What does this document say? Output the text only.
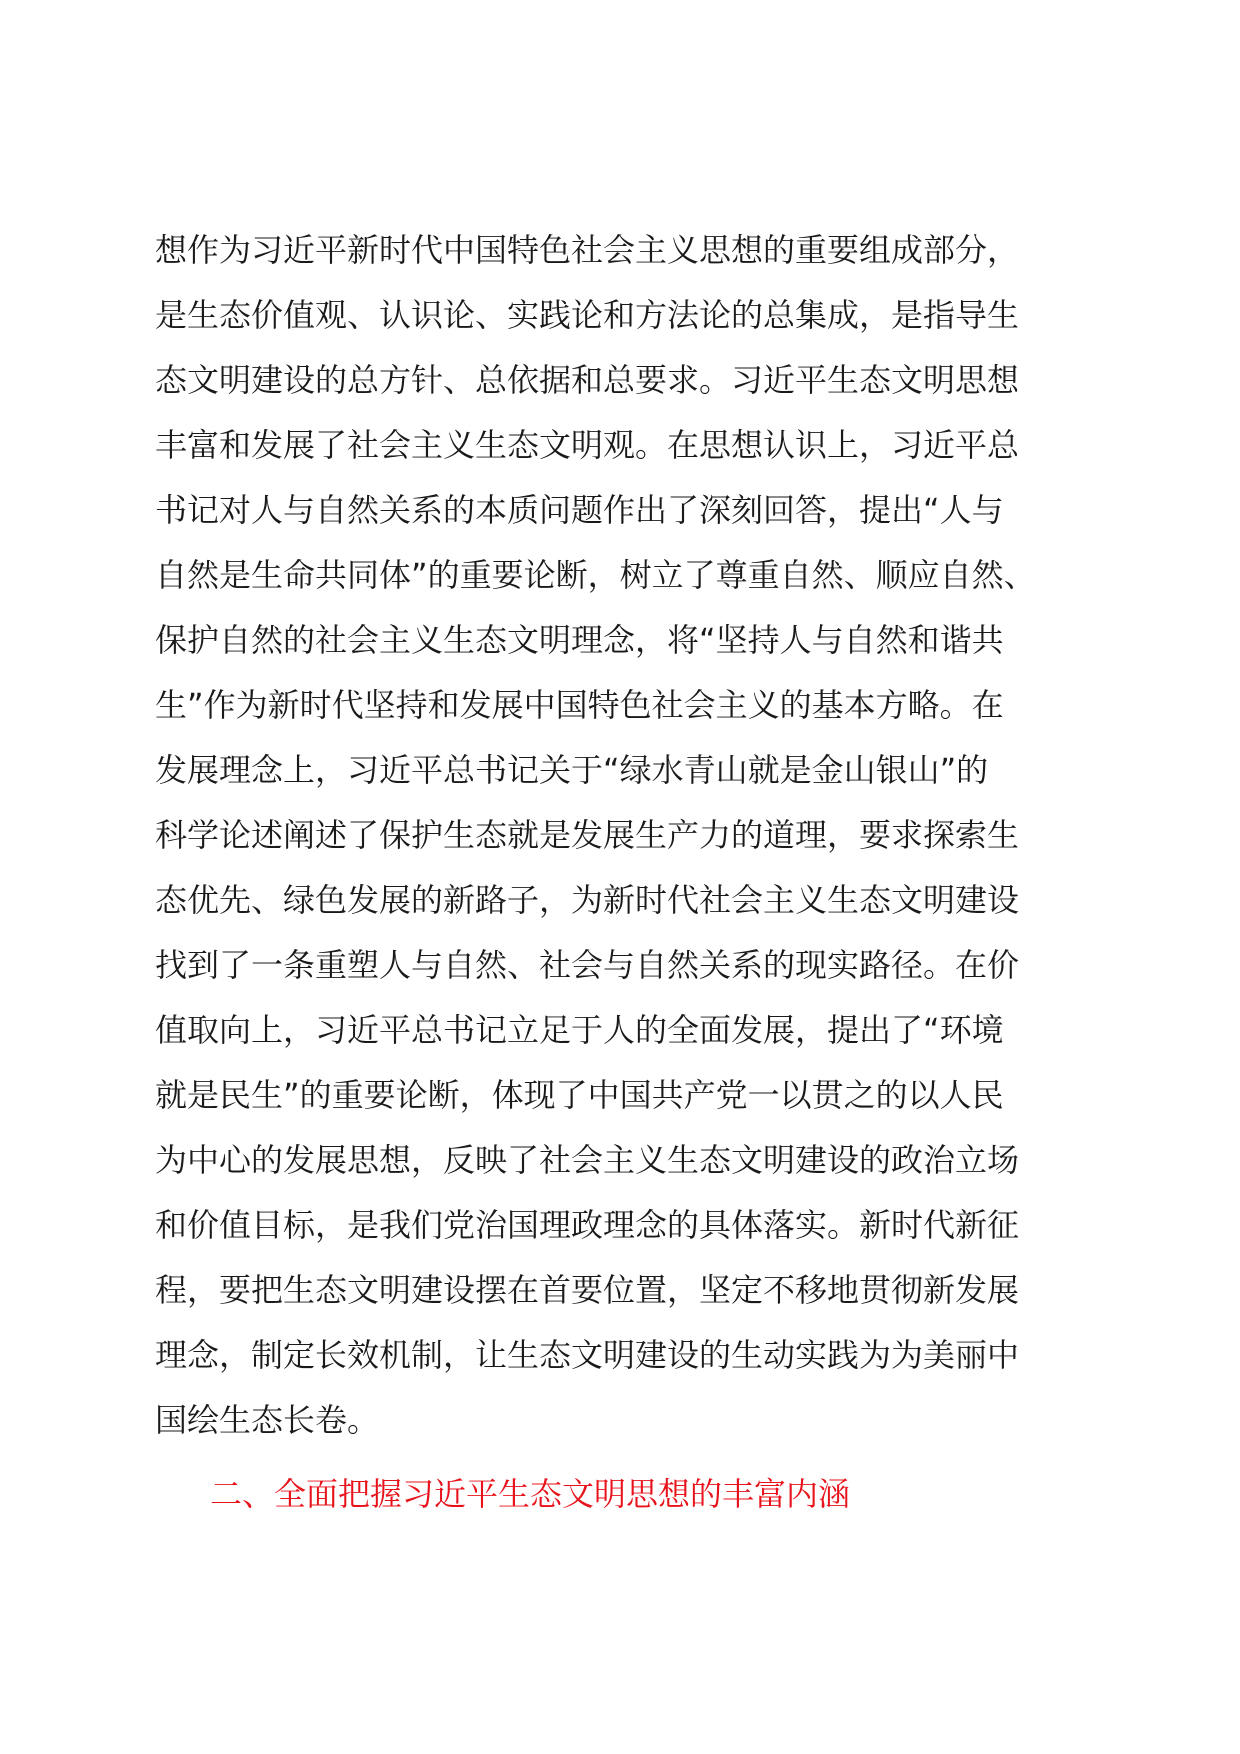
想作为习近平新时代中国特色社会主义思想的重要组成部分，
是生态价值观、认识论、实践论和方法论的总集成，是指导生
态文明建设的总方针、总依据和总要求。习近平生态文明思想
丰富和发展了社会主义生态文明观。在思想认识上，习近平总
书记对人与自然关系的本质问题作出了深刻回答，提出“人与
自然是生命共同体”的重要论断，树立了尊重自然、顺应自然、
保护自然的社会主义生态文明理念，将“坚持人与自然和谐共
生”作为新时代坚持和发展中国特色社会主义的基本方略。在
发展理念上，习近平总书记关于“绿水青山就是金山银山”的
科学论述阐述了保护生态就是发展生产力的道理，要求探索生
态优先、绿色发展的新路子，为新时代社会主义生态文明建设
找到了一条重塑人与自然、社会与自然关系的现实路径。在价
值取向上，习近平总书记立足于人的全面发展，提出了“环境
就是民生”的重要论断，体现了中国共产党一以贯之的以人民
为中心的发展思想，反映了社会主义生态文明建设的政治立场
和价值目标，是我们党治国理政理念的具体落实。新时代新征
程，要把生态文明建设摆在首要位置，坚定不移地贯彻新发展
理念，制定长效机制，让生态文明建设的生动实践为为美丽中
国绘生态长卷。
二、全面把握习近平生态文明思想的丰富内涵
